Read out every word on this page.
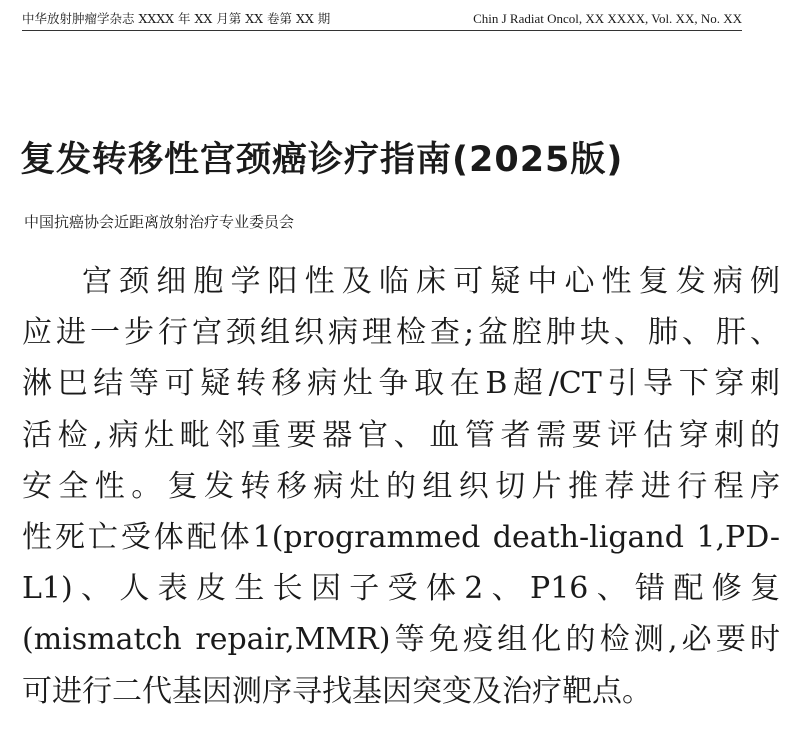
中华放射肿瘤学杂志 XXXX 年 XX 月第 XX 卷第 XX 期	Chin J Radiat Oncol, XX XXXX, Vol. XX, No. XX
复发转移性宫颈癌诊疗指南(2025版)
中国抗癌协会近距离放射治疗专业委员会
宫颈细胞学阳性及临床可疑中心性复发病例
应进一步行宫颈组织病理检查;盆腔肿块、肺、肝、
淋巴结等可疑转移病灶争取在B超/CT引导下穿刺
活检,病灶毗邻重要器官、血管者需要评估穿刺的
安全性。复发转移病灶的组织切片推荐进行程序
性死亡受体配体1(programmed death-ligand 1,PD-
L1)、人表皮生长因子受体2、P16、错配修复
(mismatch repair,MMR)等免疫组化的检测,必要时
可进行二代基因测序寻找基因突变及治疗靶点。
